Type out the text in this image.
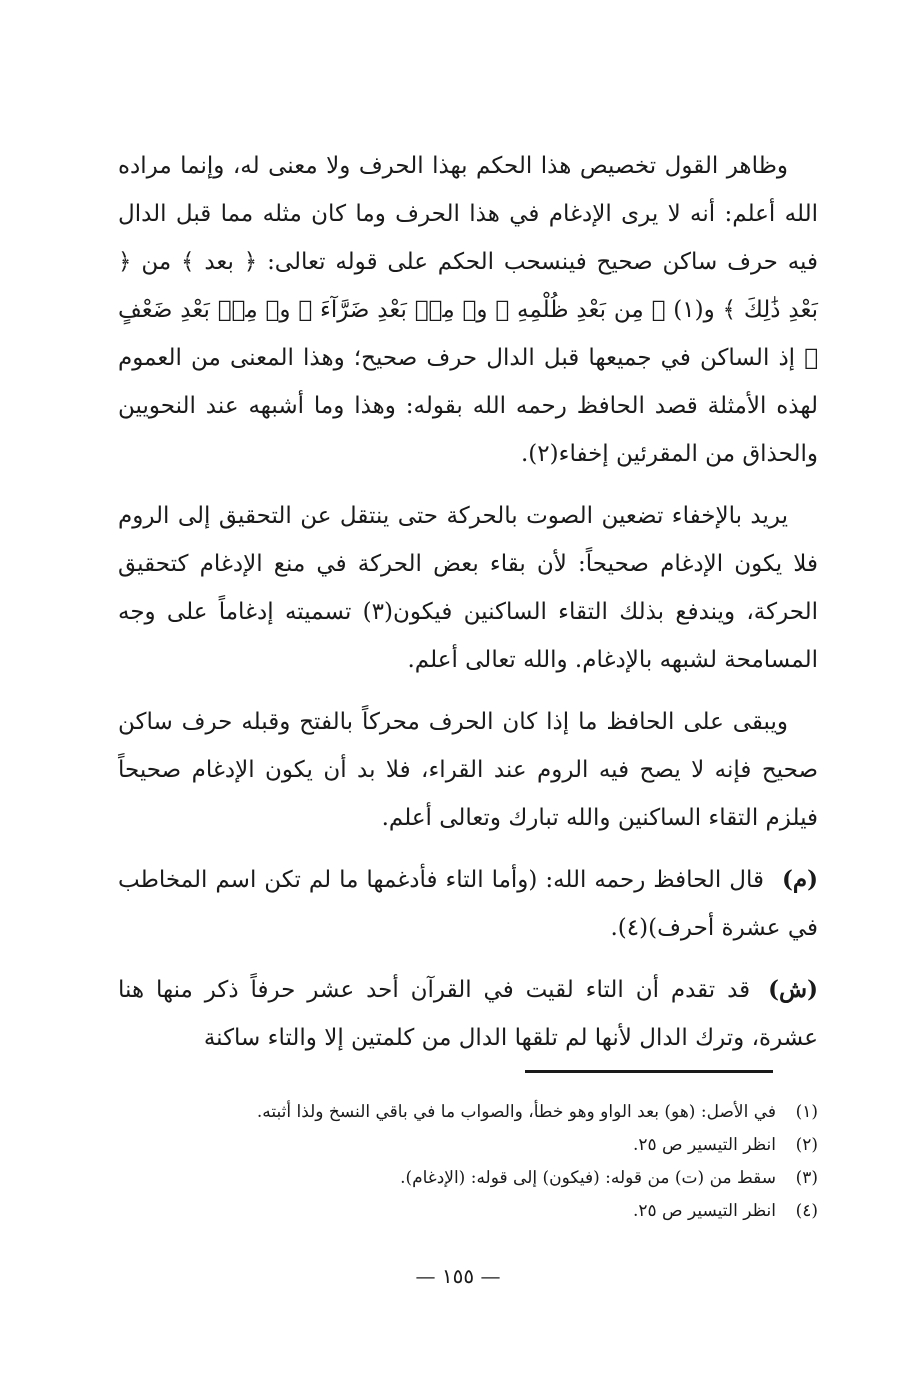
وظاهر القول تخصيص هذا الحكم بهذا الحرف ولا معنى له، وإنما مراده الله أعلم: أنه لا يرى الإدغام في هذا الحرف وما كان مثله مما قبل الدال فيه حرف ساكن صحيح فينسحب الحكم على قوله تعالى: ﴿ بعد ﴾ من ﴿ بَعْدِ ذَٰلِكَ ﴾ و(١) ﴿ مِن بَعْدِ ظُلْمِهِ ﴾ و﴿ مِنۢ بَعْدِ ضَرَّآءَ ﴾ و﴿ مِنۢ بَعْدِ ضَعْفٍ ﴾ إذ الساكن في جميعها قبل الدال حرف صحيح؛ وهذا المعنى من العموم لهذه الأمثلة قصد الحافظ رحمه الله بقوله: وهذا وما أشبهه عند النحويين والحذاق من المقرئين إخفاء(٢).

يريد بالإخفاء تضعين الصوت بالحركة حتى ينتقل عن التحقيق إلى الروم فلا يكون الإدغام صحيحاً: لأن بقاء بعض الحركة في منع الإدغام كتحقيق الحركة، ويندفع بذلك التقاء الساكنين فيكون(٣) تسميته إدغاماً على وجه المسامحة لشبهه بالإدغام. والله تعالى أعلم.

ويبقى على الحافظ ما إذا كان الحرف محركاً بالفتح وقبله حرف ساكن صحيح فإنه لا يصح فيه الروم عند القراء، فلا بد أن يكون الإدغام صحيحاً فيلزم التقاء الساكنين والله تبارك وتعالى أعلم.

(م)قال الحافظ رحمه الله: (وأما التاء فأدغمها ما لم تكن اسم المخاطب في عشرة أحرف)(٤).

(ش)قد تقدم أن التاء لقيت في القرآن أحد عشر حرفاً ذكر منها هنا عشرة، وترك الدال لأنها لم تلقها الدال من كلمتين إلا والتاء ساكنة

(١)
في الأصل: (هو) بعد الواو وهو خطأ، والصواب ما في باقي النسخ ولذا أثبته.
(٢)
انظر التيسير ص ٢٥.
(٣)
سقط من (ت) من قوله: (فيكون) إلى قوله: (الإدغام).
(٤)
انظر التيسير ص ٢٥.
— ١٥٥ —
